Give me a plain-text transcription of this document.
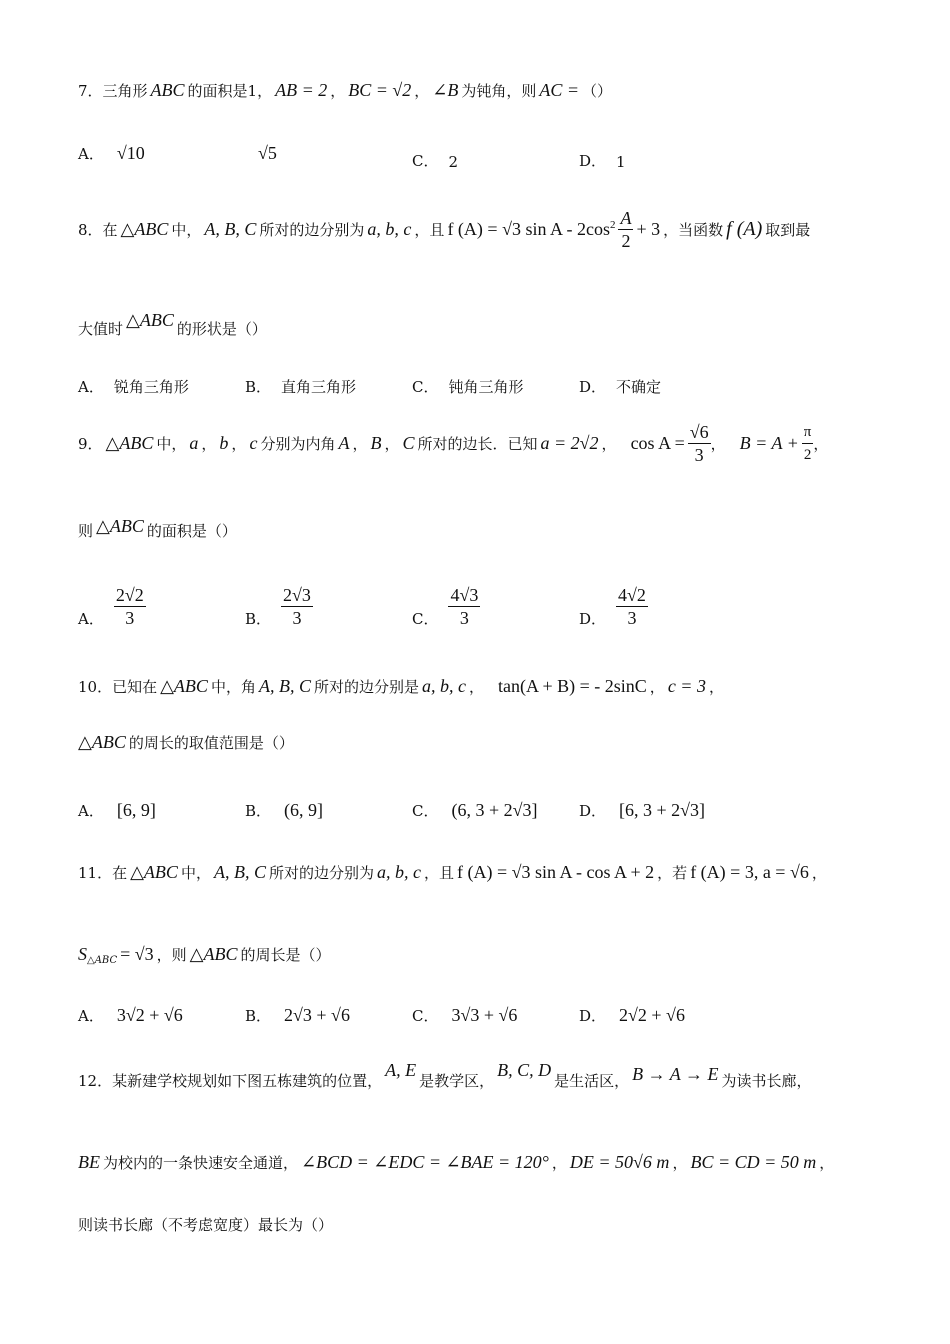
7．三角形 ABC 的面积是1， AB = 2 ， BC = √2 ， ∠B 为钝角，则 AC = （）
A． √10	√5	C． 2	D． 1
8．在 △ABC 中， A, B, C 所对的边分别为 a, b, c ，且 f (A) = √3 $\sin A - 2\cos^2 \frac{A}{2} + 3$ ，当函数 f (A) 取到最
大值时 △ABC 的形状是（）
A． 锐角三角形	B． 直角三角形	C． 钝角三角形	D． 不确定
9． △ABC 中， a ， b ， c 分别为内角 A ， B ， C 所对的边长．已知 a = 2√2 ， $\cos A = \frac{√6}{3}$ ， $B = A + \frac{\pi}{2}$ ，
则 △ABC 的面积是（）
A． $\frac{2√2}{3}$	B． $\frac{2√3}{3}$	C． $\frac{4√3}{3}$	D． $\frac{4√2}{3}$
10．已知在 △ABC 中，角 A, B, C 所对的边分别是 a, b, c ， tan(A + B) = - 2sinC ， c = 3 ，
△ABC 的周长的取值范围是（）
A． [6, 9]	B． (6, 9]	C． (6, 3 + 2√3]	D． [6, 3 + 2√3]
11．在 △ABC 中， A, B, C 所对的边分别为 a, b, c ，且 f (A) = √3 sin A - cos A + 2 ，若 f (A) = 3, a = √6 ，
S △ABC = √3 ，则 △ABC 的周长是（）
A． 3√2 + √6	B． 2√3 + √6	C． 3√3 + √6	D． 2√2 + √6
12．某新建学校规划如下图五栋建筑的位置，
A, E
是教学区，
B, C, D
是生活区， B → A → E 为读书长廊，
BE 为校内的一条快速安全通道， ∠BCD = ∠EDC = ∠BAE = 120° ， DE = 50√6 m ， BC = CD = 50 m ，
则读书长廊（不考虑宽度）最长为（）
